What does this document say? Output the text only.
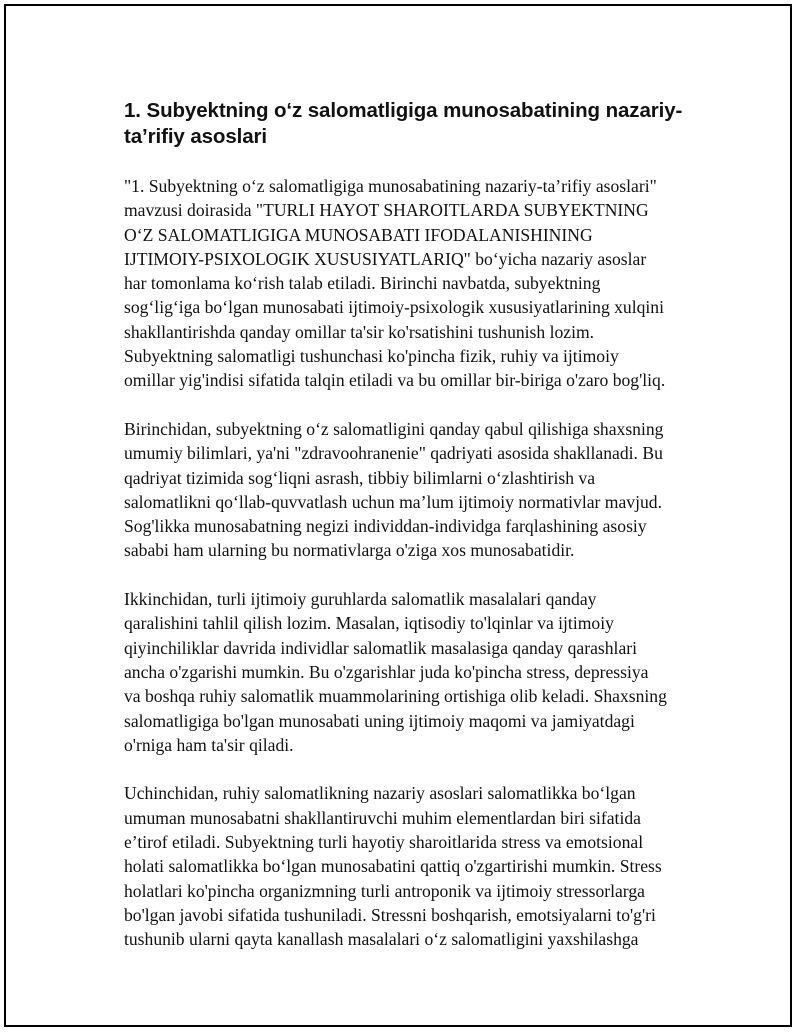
1. Subyektning o‘z salomatligiga munosabatining nazariy-
ta’rifiy asoslari

"1. Subyektning o‘z salomatligiga munosabatining nazariy-ta’rifiy asoslari"
mavzusi doirasida "TURLI HAYOT SHAROITLARDA SUBYEKTNING
O‘Z SALOMATLIGIGA MUNOSABATI IFODALANISHINING
IJTIMOIY-PSIXOLOGIK XUSUSIYATLARIQ" bo‘yicha nazariy asoslar
har tomonlama ko‘rish talab etiladi. Birinchi navbatda, subyektning
sog‘lig‘iga bo‘lgan munosabati ijtimoiy-psixologik xususiyatlarining xulqini
shakllantirishda qanday omillar ta'sir ko'rsatishini tushunish lozim.
Subyektning salomatligi tushunchasi ko'pincha fizik, ruhiy va ijtimoiy
omillar yig'indisi sifatida talqin etiladi va bu omillar bir-biriga o'zaro bog'liq.

Birinchidan, subyektning o‘z salomatligini qanday qabul qilishiga shaxsning
umumiy bilimlari, ya'ni "zdravoohranenie" qadriyati asosida shakllanadi. Bu
qadriyat tizimida sog‘liqni asrash, tibbiy bilimlarni o‘zlashtirish va
salomatlikni qo‘llab-quvvatlash uchun ma’lum ijtimoiy normativlar mavjud.
Sog'likka munosabatning negizi individdan-individga farqlashining asosiy
sababi ham ularning bu normativlarga o'ziga xos munosabatidir.

Ikkinchidan, turli ijtimoiy guruhlarda salomatlik masalalari qanday
qaralishini tahlil qilish lozim. Masalan, iqtisodiy to'lqinlar va ijtimoiy
qiyinchiliklar davrida individlar salomatlik masalasiga qanday qarashlari
ancha o'zgarishi mumkin. Bu o'zgarishlar juda ko'pincha stress, depressiya
va boshqa ruhiy salomatlik muammolarining ortishiga olib keladi. Shaxsning
salomatligiga bo'lgan munosabati uning ijtimoiy maqomi va jamiyatdagi
o'rniga ham ta'sir qiladi.

Uchinchidan, ruhiy salomatlikning nazariy asoslari salomatlikka bo‘lgan
umuman munosabatni shakllantiruvchi muhim elementlardan biri sifatida
e’tirof etiladi. Subyektning turli hayotiy sharoitlarida stress va emotsional
holati salomatlikka bo‘lgan munosabatini qattiq o'zgartirishi mumkin. Stress
holatlari ko'pincha organizmning turli antroponik va ijtimoiy stressorlarga
bo'lgan javobi sifatida tushuniladi. Stressni boshqarish, emotsiyalarni to'g'ri
tushunib ularni qayta kanallash masalalari o‘z salomatligini yaxshilashga
